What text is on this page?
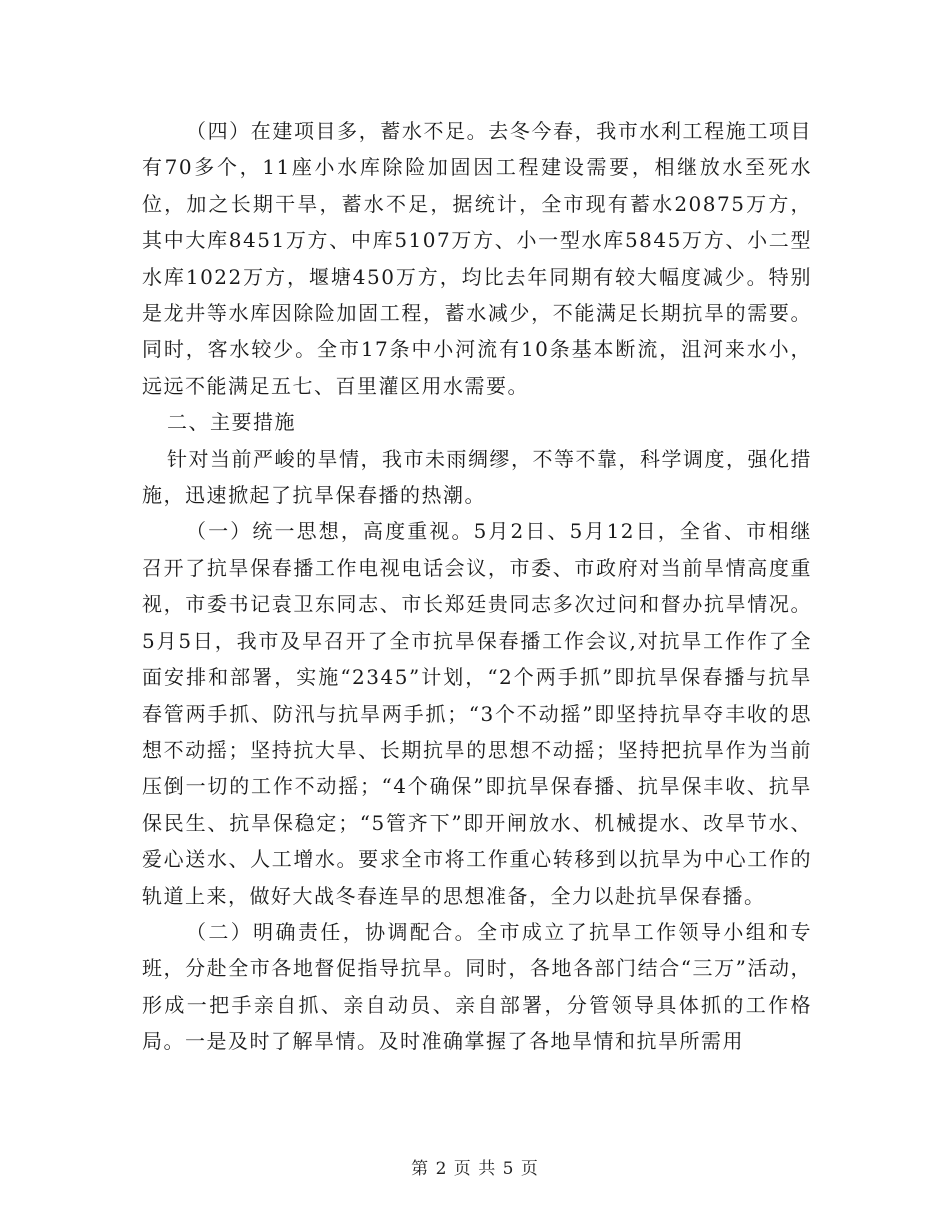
（四）在建项目多，蓄水不足。去冬今春，我市水利工程施工项目有70多个，11座小水库除险加固因工程建设需要，相继放水至死水位，加之长期干旱，蓄水不足，据统计，全市现有蓄水20875万方，其中大库8451万方、中库5107万方、小一型水库5845万方、小二型水库1022万方，堰塘450万方，均比去年同期有较大幅度减少。特别是龙井等水库因除险加固工程，蓄水减少，不能满足长期抗旱的需要。同时，客水较少。全市17条中小河流有10条基本断流，沮河来水小，远远不能满足五七、百里灌区用水需要。

二、主要措施

针对当前严峻的旱情，我市未雨绸缪，不等不靠，科学调度，强化措施，迅速掀起了抗旱保春播的热潮。

（一）统一思想，高度重视。5月2日、5月12日，全省、市相继召开了抗旱保春播工作电视电话会议，市委、市政府对当前旱情高度重视，市委书记袁卫东同志、市长郑廷贵同志多次过问和督办抗旱情况。5月5日，我市及早召开了全市抗旱保春播工作会议,对抗旱工作作了全面安排和部署，实施“2345”计划，“2个两手抓”即抗旱保春播与抗旱春管两手抓、防汛与抗旱两手抓；“3个不动摇”即坚持抗旱夺丰收的思想不动摇；坚持抗大旱、长期抗旱的思想不动摇；坚持把抗旱作为当前压倒一切的工作不动摇；“4个确保”即抗旱保春播、抗旱保丰收、抗旱保民生、抗旱保稳定；“5管齐下”即开闸放水、机械提水、改旱节水、爱心送水、人工增水。要求全市将工作重心转移到以抗旱为中心工作的轨道上来，做好大战冬春连旱的思想准备，全力以赴抗旱保春播。

（二）明确责任，协调配合。全市成立了抗旱工作领导小组和专班，分赴全市各地督促指导抗旱。同时，各地各部门结合“三万”活动，形成一把手亲自抓、亲自动员、亲自部署，分管领导具体抓的工作格局。一是及时了解旱情。及时准确掌握了各地旱情和抗旱所需用

第 2 页 共 5 页
